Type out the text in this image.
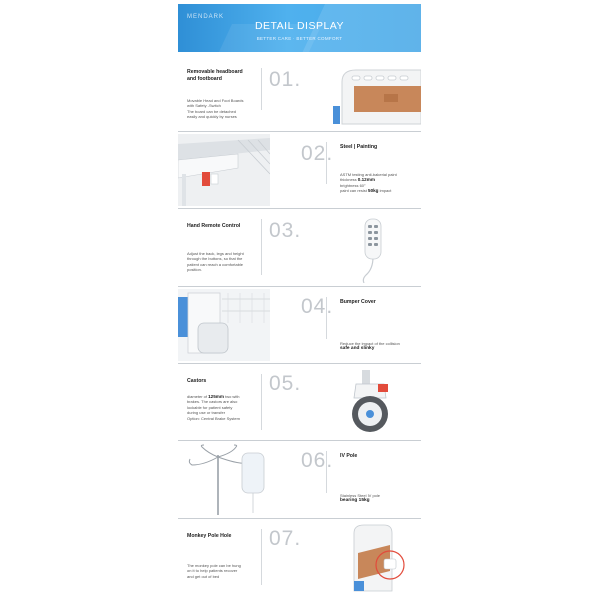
MENDARK
DETAIL DISPLAY
BETTER CARE · BETTER COMFORT
Removable headboard
and footboard
Movable Head and Foot Boards
with Safety -Switch
The board can be detached
easily and quickly by nurses
01.
02. Steel | Painting
ASTM testing anti-bakerial paint
thickness 0.12mm
brightness 60°
paint can resist 50kg impact
Hand Remote Control
Adjust the back, legs and height
through the buttons, so that the
patient can reach a comfortable
position.
03.
04. Bumper Cover
Reduce the impact of the collision
safe and slinky
Castors
diameter of 125mm two with
brakes. The castors are also
lockable for patient safety
during use or transfer
Option: Central Brake System
05.
06. IV Pole
Stainless Steel IV pole
bearing 15kg
Monkey Pole Hole
The monkey pole can be hung
on it to help patients recover
and get out of bed
07.
